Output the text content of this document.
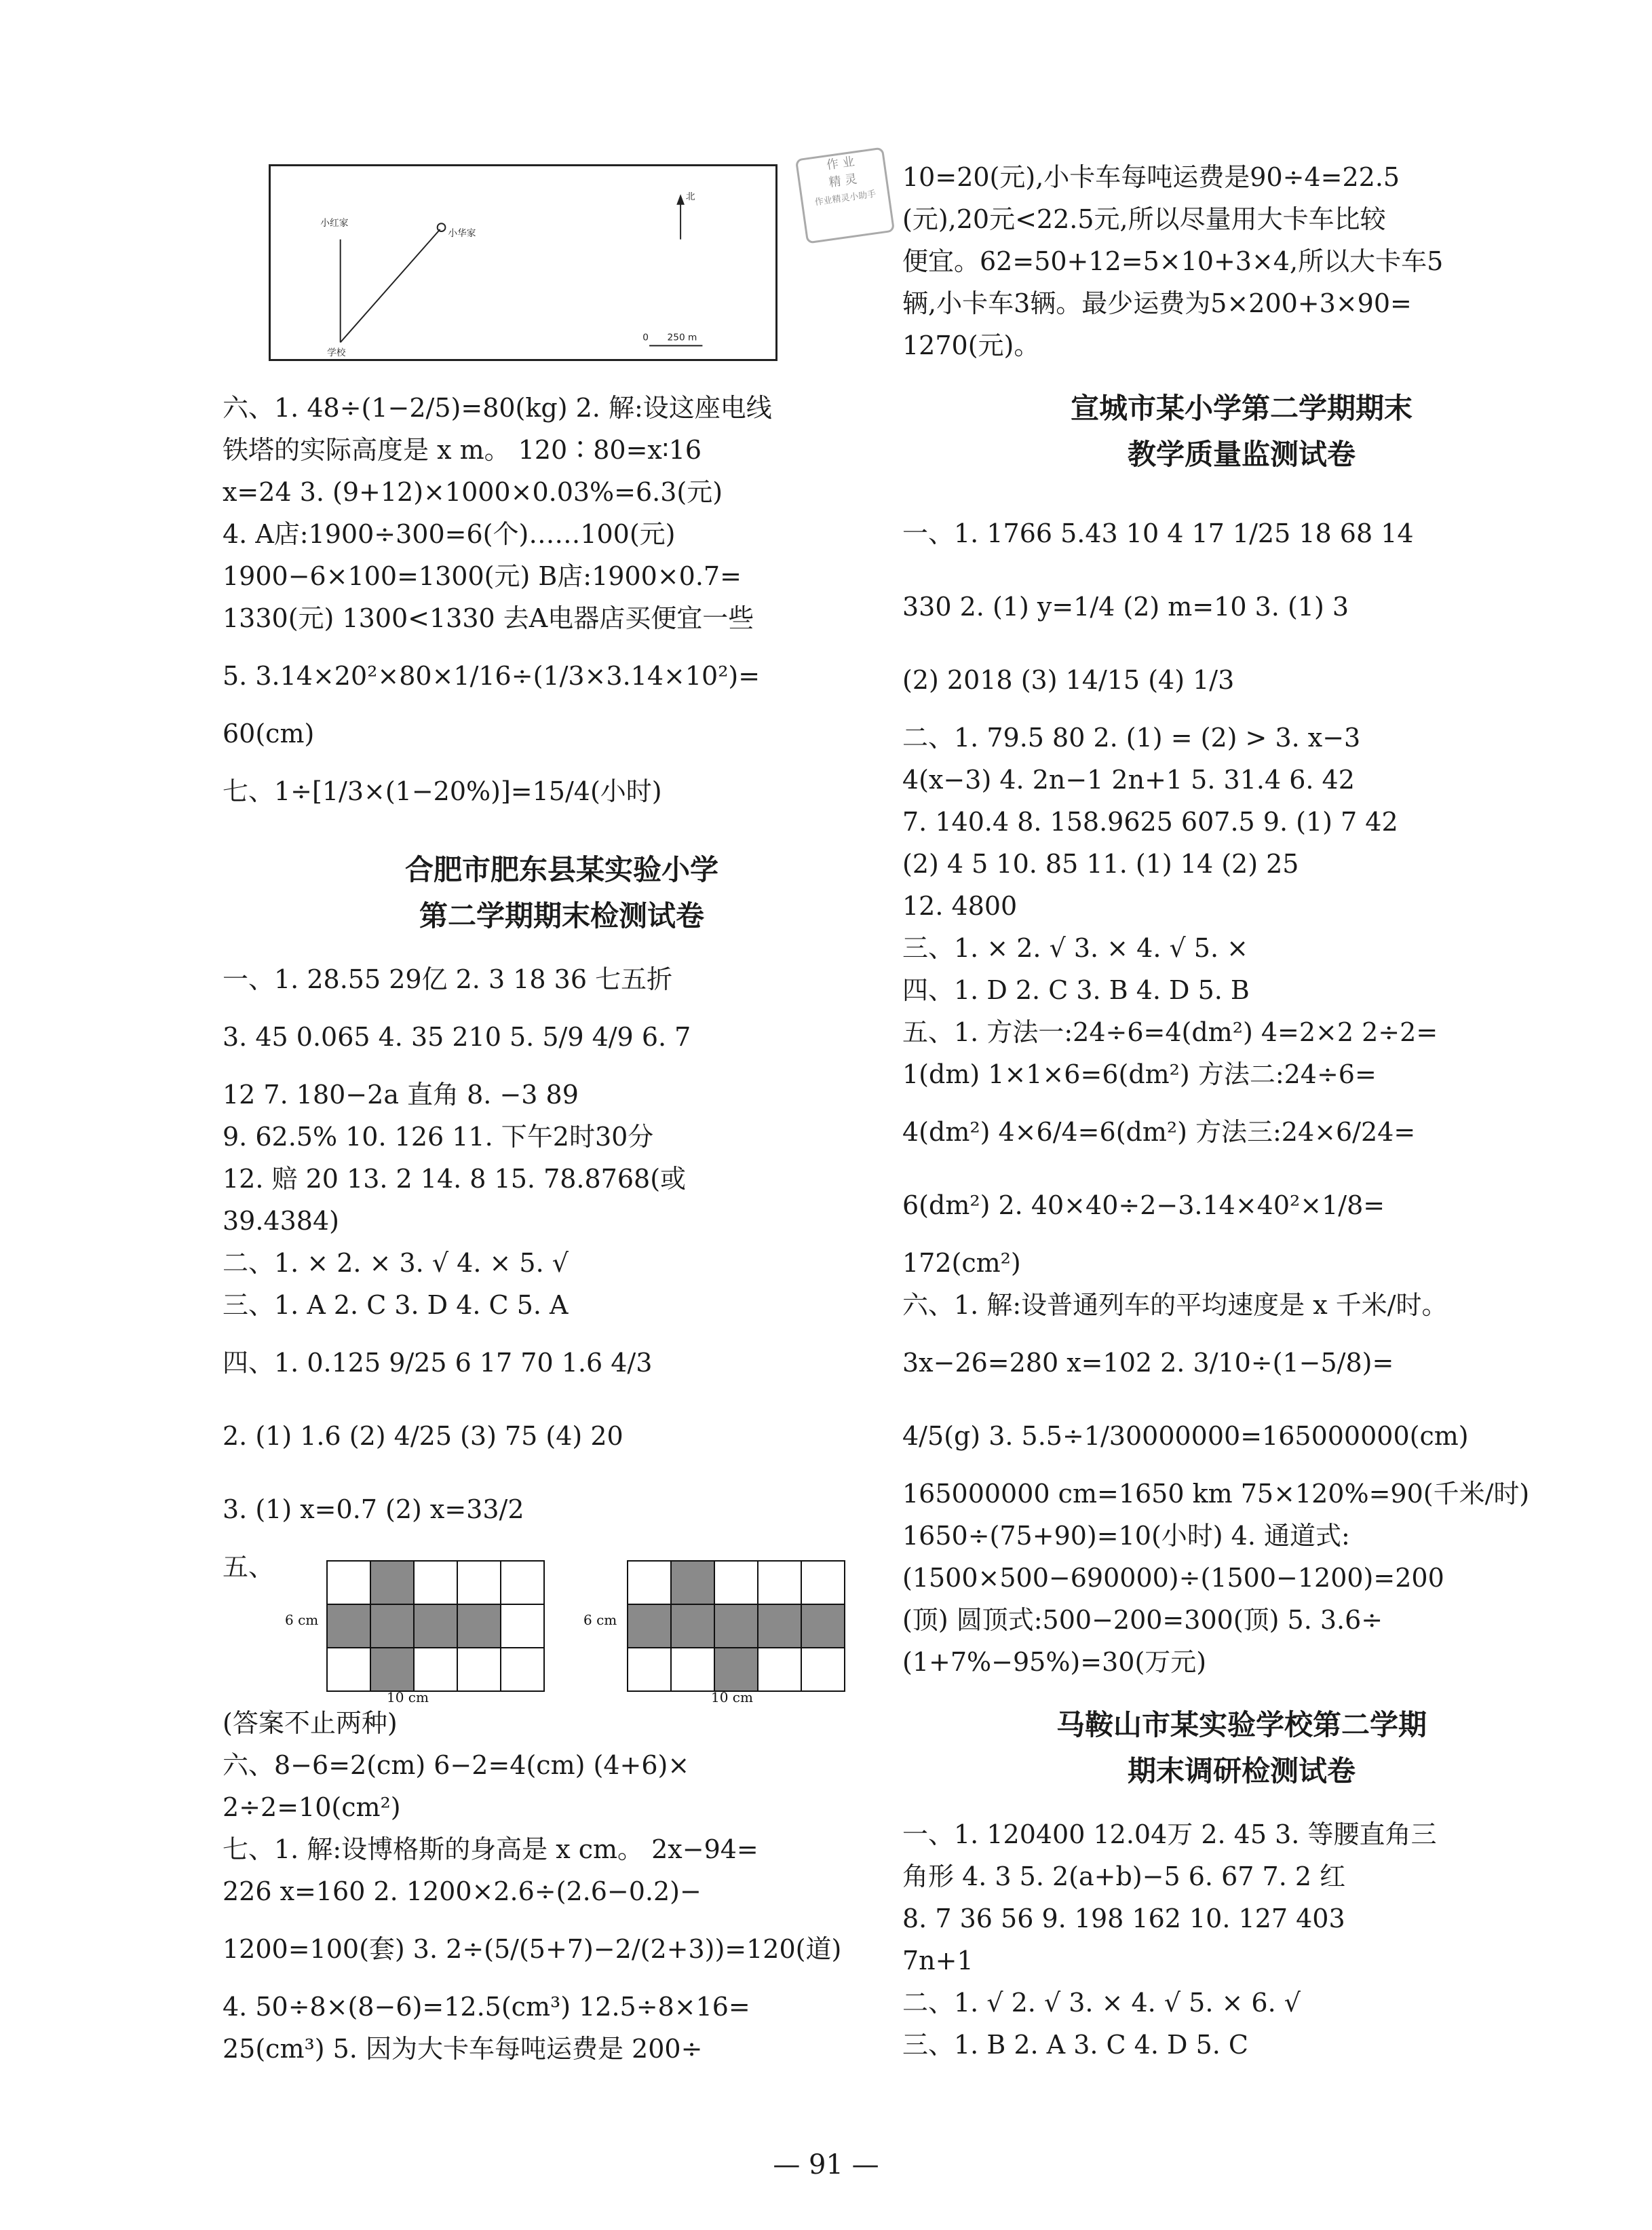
北
小红家
小华家
学校
0 250 m
作 业
精 灵
作业精灵小助手
六、1. 48÷(1−2/5)=80(kg) 2. 解:设这座电线
铁塔的实际高度是 x m。 120∶80=x∶16
x=24 3. (9+12)×1000×0.03%=6.3(元)
4. A店:1900÷300=6(个)……100(元)
1900−6×100=1300(元) B店:1900×0.7=
1330(元) 1300<1330 去A电器店买便宜一些
5. 3.14×20²×80×1/16÷(1/3×3.14×10²)=
60(cm)
七、1÷[1/3×(1−20%)]=15/4(小时)
合肥市肥东县某实验小学
第二学期期末检测试卷
一、1. 28.55 29亿 2. 3 18 36 七五折
3. 45 0.065 4. 35 210 5. 5/9 4/9 6. 7
12 7. 180−2a 直角 8. −3 89
9. 62.5% 10. 126 11. 下午2时30分
12. 赔 20 13. 2 14. 8 15. 78.8768(或
39.4384)
二、1. × 2. × 3. √ 4. × 5. √
三、1. A 2. C 3. D 4. C 5. A
四、1. 0.125 9/25 6 17 70 1.6 4/3
2. (1) 1.6 (2) 4/25 (3) 75 (4) 20
3. (1) x=0.7 (2) x=33/2
五、
(答案不止两种)
六、8−6=2(cm) 6−2=4(cm) (4+6)×
2÷2=10(cm²)
七、1. 解:设博格斯的身高是 x cm。 2x−94=
226 x=160 2. 1200×2.6÷(2.6−0.2)−
1200=100(套) 3. 2÷(5/(5+7)−2/(2+3))=120(道)
4. 50÷8×(8−6)=12.5(cm³) 12.5÷8×16=
25(cm³) 5. 因为大卡车每吨运费是 200÷
6 cm
10 cm
6 cm
10 cm
10=20(元),小卡车每吨运费是90÷4=22.5
(元),20元<22.5元,所以尽量用大卡车比较
便宜。62=50+12=5×10+3×4,所以大卡车5
辆,小卡车3辆。最少运费为5×200+3×90=
1270(元)。
宣城市某小学第二学期期末
教学质量监测试卷
一、1. 1766 5.43 10 4 17 1/25 18 68 14
330 2. (1) y=1/4 (2) m=10 3. (1) 3
(2) 2018 (3) 14/15 (4) 1/3
二、1. 79.5 80 2. (1) = (2) > 3. x−3
4(x−3) 4. 2n−1 2n+1 5. 31.4 6. 42
7. 140.4 8. 158.9625 607.5 9. (1) 7 42
(2) 4 5 10. 85 11. (1) 14 (2) 25
12. 4800
三、1. × 2. √ 3. × 4. √ 5. ×
四、1. D 2. C 3. B 4. D 5. B
五、1. 方法一:24÷6=4(dm²) 4=2×2 2÷2=
1(dm) 1×1×6=6(dm²) 方法二:24÷6=
4(dm²) 4×6/4=6(dm²) 方法三:24×6/24=
6(dm²) 2. 40×40÷2−3.14×40²×1/8=
172(cm²)
六、1. 解:设普通列车的平均速度是 x 千米/时。
3x−26=280 x=102 2. 3/10÷(1−5/8)=
4/5(g) 3. 5.5÷1/30000000=165000000(cm)
165000000 cm=1650 km 75×120%=90(千米/时)
1650÷(75+90)=10(小时) 4. 通道式:
(1500×500−690000)÷(1500−1200)=200
(顶) 圆顶式:500−200=300(顶) 5. 3.6÷
(1+7%−95%)=30(万元)
马鞍山市某实验学校第二学期
期末调研检测试卷
一、1. 120400 12.04万 2. 45 3. 等腰直角三
角形 4. 3 5. 2(a+b)−5 6. 67 7. 2 红
8. 7 36 56 9. 198 162 10. 127 403
7n+1
二、1. √ 2. √ 3. × 4. √ 5. × 6. √
三、1. B 2. A 3. C 4. D 5. C
— 91 —
